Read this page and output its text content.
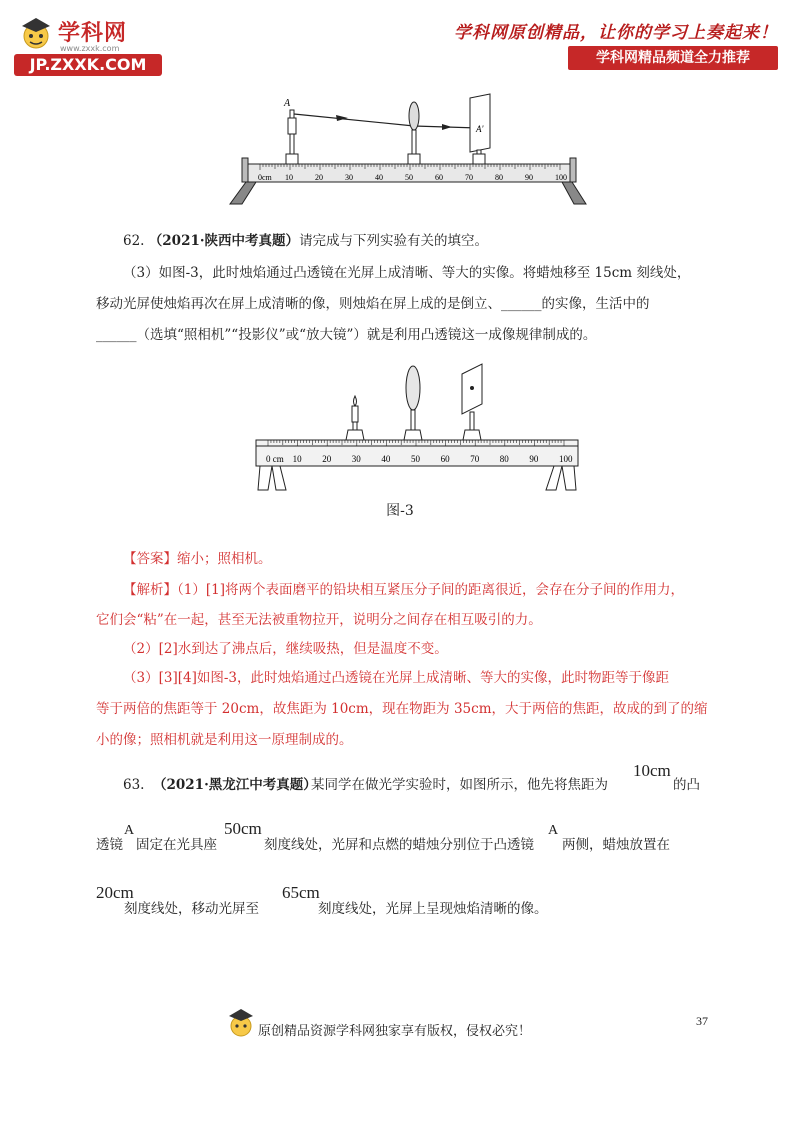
学科网
www.zxxk.com
JP.ZXXK.COM
学科网原创精品，让你的学习上奏起来！
学科网精品频道全力推荐
A
A'
0cm 10	20	30	40	50	60	70	80	90	100
62. （2021·陕西中考真题）请完成与下列实验有关的填空。
（3）如图-3，此时烛焰通过凸透镜在光屏上成清晰、等大的实像。将蜡烛移至 15cm 刻线处，
移动光屏使烛焰再次在屏上成清晰的像，则烛焰在屏上成的是倒立、______的实像，生活中的
______（选填“照相机”“投影仪”或“放大镜”）就是利用凸透镜这一成像规律制成的。
0 cm 10 20 30 40 50 60 70 80 90 100
图-3
【答案】缩小；照相机。
【解析】（1）[1]将两个表面磨平的铅块相互紧压分子间的距离很近，会存在分子间的作用力，
它们会“粘”在一起，甚至无法被重物拉开，说明分之间存在相互吸引的力。
（2）[2]水到达了沸点后，继续吸热，但是温度不变。
（3）[3][4]如图-3，此时烛焰通过凸透镜在光屏上成清晰、等大的实像，此时物距等于像距
等于两倍的焦距等于 20cm，故焦距为 10cm，现在物距为 35cm，大于两倍的焦距，故成的到了的缩
小的像；照相机就是利用这一原理制成的。
63. （2021·黑龙江中考真题）
某同学在做光学实验时，如图所示，他先将焦距为
10cm
的凸
透镜
A
固定在光具座
50cm
刻度线处，光屏和点燃的蜡烛分别位于凸透镜
A
两侧，蜡烛放置在
20cm
刻度线处，移动光屏至
65cm
刻度线处，光屏上呈现烛焰清晰的像。
37
原创精品资源学科网独家享有版权，侵权必究！
